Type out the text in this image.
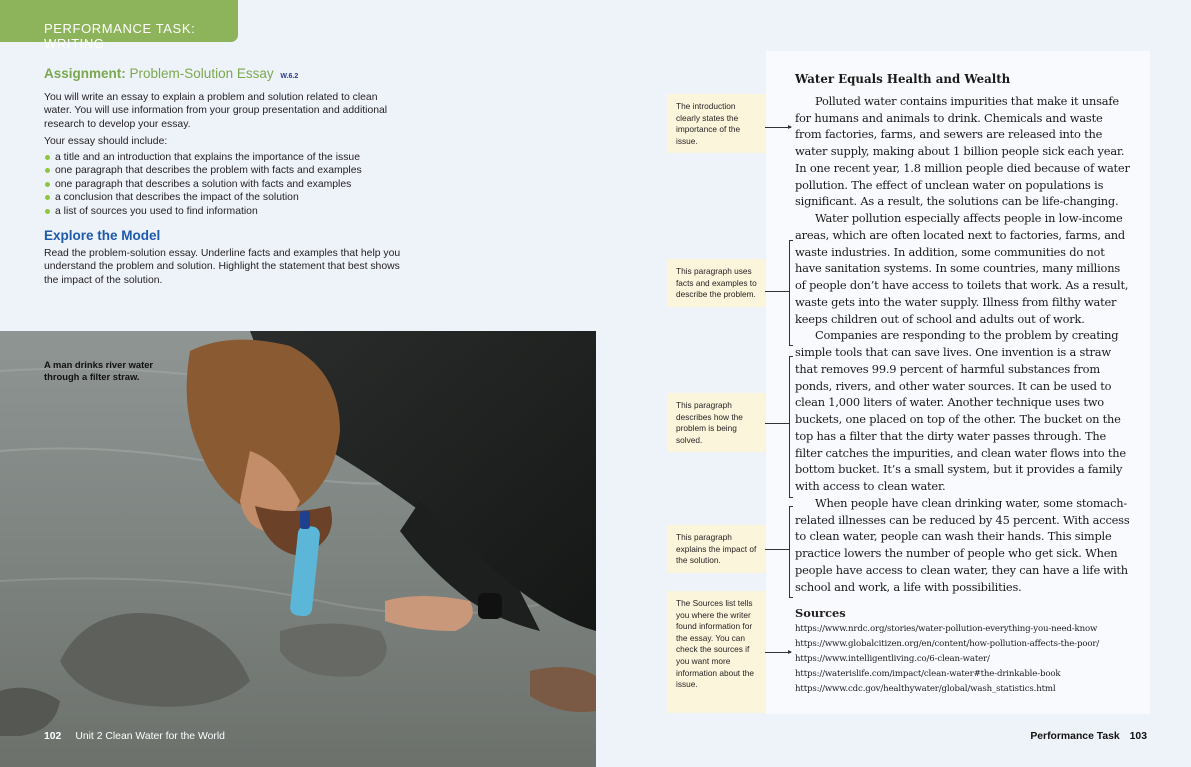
PERFORMANCE TASK: WRITING
Assignment: Problem-Solution Essay W.6.2

You will write an essay to explain a problem and solution related to clean water. You will use information from your group presentation and additional research to develop your essay.

Your essay should include:

a title and an introduction that explains the importance of the issue
one paragraph that describes the problem with facts and examples
one paragraph that describes a solution with facts and examples
a conclusion that describes the impact of the solution
a list of sources you used to find information
Explore the Model

Read the problem-solution essay. Underline facts and examples that help you understand the problem and solution. Highlight the statement that best shows the impact of the solution.

A man drinks river water through a filter straw.
102 Unit 2 Clean Water for the World
The introduction clearly states the importance of the issue.
This paragraph uses facts and examples to describe the problem.
This paragraph describes how the problem is being solved.
This paragraph explains the impact of the solution.
The Sources list tells you where the writer found information for the essay. You can check the sources if you want more information about the issue.
Water Equals Health and Wealth

Polluted water contains impurities that make it unsafe for humans and animals to drink. Chemicals and waste from factories, farms, and sewers are released into the water supply, making about 1 billion people sick each year. In one recent year, 1.8 million people died because of water pollution. The effect of unclean water on populations is significant. As a result, the solutions can be life-changing.

Water pollution especially affects people in low-income areas, which are often located next to factories, farms, and waste industries. In addition, some communities do not have sanitation systems. In some countries, many millions of people don’t have access to toilets that work. As a result, waste gets into the water supply. Illness from filthy water keeps children out of school and adults out of work.

Companies are responding to the problem by creating simple tools that can save lives. One invention is a straw that removes 99.9 percent of harmful substances from ponds, rivers, and other water sources. It can be used to clean 1,000 liters of water. Another technique uses two buckets, one placed on top of the other. The bucket on the top has a filter that the dirty water passes through. The filter catches the impurities, and clean water flows into the bottom bucket. It’s a small system, but it provides a family with access to clean water.

When people have clean drinking water, some stomach-related illnesses can be reduced by 45 percent. With access to clean water, people can wash their hands. This simple practice lowers the number of people who get sick. When people have access to clean water, they can have a life with school and work, a life with possibilities.

Sources
https://www.nrdc.org/stories/water-pollution-everything-you-need-know
https://www.globalcitizen.org/en/content/how-pollution-affects-the-poor/
https://www.intelligentliving.co/6-clean-water/
https://waterislife.com/impact/clean-water#the-drinkable-book
https://www.cdc.gov/healthywater/global/wash_statistics.html
Performance Task 103
